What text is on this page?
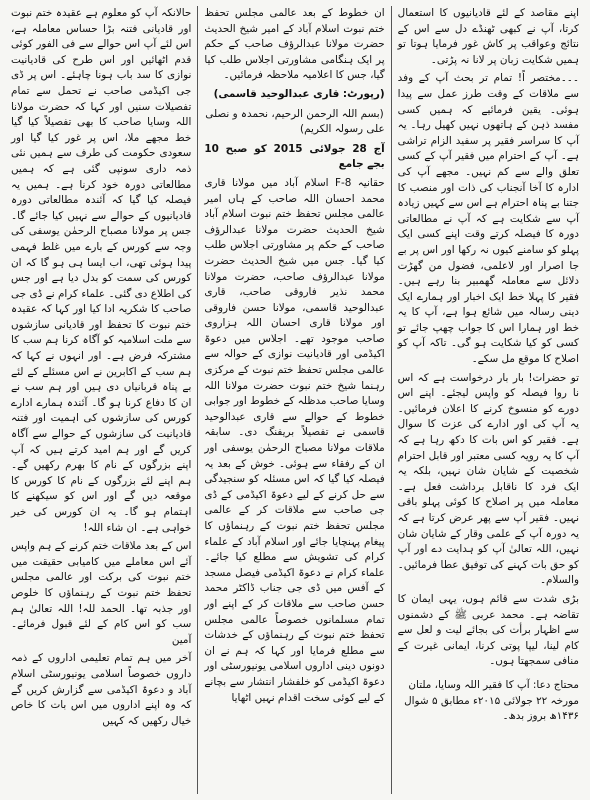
اپنے مقاصد کے لئے قادیانیوں کا استعمال کرتا، آپ نے کبھی ٹھنڈے دل سے اس کے نتائج وعواقب پر کاش غور فرمایا ہوتا تو ہمیں شکایت زبان پر لانا نہ پڑتی۔

۔۔۔مختصر اً! تمام تر بحث آپ کے وفد سے ملاقات کے وقت طرز عمل سے پیدا ہوئی۔ یقین فرمائیے کہ ہمیں کسی مفسد ذہن کے ہاتھوں نہیں کھیل رہا۔ یہ آپ کا سراسر فقیر پر سفید الزام تراشی ہے۔ آپ کے احترام میں فقیر آپ کے کسی تعلق والے سے کم نہیں۔ مجھے آپ کی ادارہ کا آخا آنجناب کی ذات اور منصب کا جتنا بے پناہ احترام ہے اس سے کہیں زیادہ آپ سے شکایت ہے کہ آپ نے مطالعاتی دورہ کا فیصلہ کرتے وقت اپنے کسی ایک پہلو کو سامنے کیوں نہ رکھا اور اس پر بے جا اصرار اور لاعلمی، فضول من گھڑت دلائل سے معاملہ گھمبیر بنا رہے ہیں۔ فقیر کا پہلا خط ایک اخبار اور ہمارے ایک دینی رسالہ میں شائع ہوا ہے، آپ کا یہ خط اور ہمارا اس کا جواب چھپ جائے تو کسی کو کیا شکایت ہو گی۔ تاکہ آپ کو اصلاح کا موقع مل سکے۔

تو حضرات! بار بار درخواست ہے کہ اس نا روا فیصلہ کو واپس لیجئے۔ اپنے اس دورے کو منسوخ کرنے کا اعلان فرمائیں۔ یہ آپ کی اور ادارے کی عزت کا سوال ہے۔ فقیر کو اس بات کا دکھ رہا ہے کہ آپ کا یہ رویہ کسی معتبر اور قابل احترام شخصیت کے شایان شان نہیں، بلکہ یہ ایک فرد کا ناقابل برداشت فعل ہے۔ معاملہ میں پر اصلاح کا کوئی پہلو باقی نہیں۔ فقیر آپ سے پھر عرض کرتا ہے کہ یہ دورہ آپ کے علمی وقار کے شایان شان نہیں، اللہ تعالیٰ آپ کو ہدایت دے اور آپ کو حق بات کہنے کی توفیق عطا فرمائیں۔ والسلام۔

بڑی شدت سے قائم ہوں، یہی ایمان کا تقاضہ ہے۔ محمد عربی ﷺ کے دشمنوں سے اظہار برأت کی بجائے لیت و لعل سے کام لینا، لیپا پوتی کرنا، ایمانی غیرت کے منافی سمجھتا ہوں۔

محتاج دعا: آپ کا فقیر اللہ وسایا، ملتان

مورخہ ۲۲ جولائی ۲۰۱۵ء مطابق ۵ شوال

۱۴۳۶ھ بروز بدھ۔

ان خطوط کے بعد عالمی مجلس تحفظ ختم نبوت اسلام آباد کے امیر شیخ الحدیث حضرت مولانا عبدالرؤف صاحب کے حکم پر ایک ہنگامی مشاورتی اجلاس طلب کیا گیا، جس کا اعلامیہ ملاحظہ فرمائیں۔

(رپورٹ: قاری عبدالوحید قاسمی)
(بسم اللہ الرحمن الرحیم، نحمدہ و نصلی علی رسولہ الکریم)

آج 28 جولائی 2015 کو صبح 10 بجے جامع

حقانیہ F-8 اسلام آباد میں مولانا قاری محمد احسان اللہ صاحب کے ہاں امیر عالمی مجلس تحفظ ختم نبوت اسلام آباد شیخ الحدیث حضرت مولانا عبدالرؤف صاحب کے حکم پر مشاورتی اجلاس طلب کیا گیا۔ جس میں شیخ الحدیث حضرت مولانا عبدالرؤف صاحب، حضرت مولانا محمد نذیر فاروقی صاحب، قاری عبدالوحید قاسمی، مولانا حسن فاروقی اور مولانا قاری احسان اللہ ہزاروی صاحب موجود تھے۔ اجلاس میں دعوۃ اکیڈمی اور قادیانیت نوازی کے حوالہ سے عالمی مجلس تحفظ ختم نبوت کے مرکزی رہنما شیخ ختم نبوت حضرت مولانا اللہ وسایا صاحب مدظلہ کے خطوط اور جوابی خطوط کے حوالے سے قاری عبدالوحید قاسمی نے تفصیلاً بریفنگ دی۔ سابقہ ملاقات مولانا مصباح الرحمٰن یوسفی اور ان کے رفقاء سے ہوئی۔ خوش کے بعد یہ فیصلہ کیا گیا کہ اس مسئلہ کو سنجیدگی سے حل کرنے کے لیے دعوۃ اکیڈمی کے ڈی جی صاحب سے ملاقات کر کے عالمی مجلس تحفظ ختم نبوت کے رہنماؤں کا پیغام پہنچایا جائے اور اسلام آباد کے علماء کرام کی تشویش سے مطلع کیا جائے۔ علماء کرام نے دعوۃ اکیڈمی فیصل مسجد کے آفس میں ڈی جی جناب ڈاکٹر محمد حسن صاحب سے ملاقات کر کے اپنے اور تمام مسلمانوں خصوصاً عالمی مجلس تحفظ ختم نبوت کے رہنماؤں کے خدشات سے مطلع فرمایا اور کہا کہ ہم نے ان دونوں دینی اداروں اسلامی یونیورسٹی اور دعوۃ اکیڈمی کو خلفشار انتشار سے بچانے کے لیے کوئی سخت اقدام نہیں اٹھایا

حالانکہ آپ کو معلوم ہے عقیدہ ختم نبوت اور قادیانی فتنہ بڑا حساس معاملہ ہے، اس لئے آپ اس حوالے سے فی الفور کوئی قدم اٹھائیں اور اس طرح کی قادیانیت نوازی کا سد باب ہونا چاہئے۔ اس پر ڈی جی اکیڈمی صاحب نے تحمل سے تمام تفصیلات سنیں اور کہا کہ حضرت مولانا اللہ وسایا صاحب کا بھی تفصیلاً کیا گیا خط مجھے ملا، اس پر غور کیا گیا اور سعودی حکومت کی طرف سے ہمیں نئی ذمہ داری سونپی گئی ہے کہ ہمیں مطالعاتی دورہ خود کرنا ہے۔ ہمیں یہ فیصلہ کیا گیا کہ آئندہ مطالعاتی دورہ قادیانیوں کے حوالے سے نہیں کیا جائے گا۔ جس پر مولانا مصباح الرحمٰن یوسفی کی وجہ سے کورس کے بارے میں غلط فہمی پیدا ہوئی تھی، اب ایسا ہی ہو گا کہ ان کورس کی سمت کو بدل دیا ہے اور جس کی اطلاع دی گئی۔ علماء کرام نے ڈی جی صاحب کا شکریہ ادا کیا اور کہا کہ عقیدہ ختم نبوت کا تحفظ اور قادیانی سازشوں سے ملت اسلامیہ کو آگاہ کرنا ہم سب کا مشترکہ فرض ہے۔ اور انہوں نے کہا کہ ہم سب کے اکابرین نے اس مسئلے کے لئے بے پناہ قربانیاں دی ہیں اور ہم سب نے ان کا دفاع کرنا ہو گا۔ آئندہ ہمارے ادارے کورس کی سازشوں کی اہمیت اور فتنہ قادیانیت کی سازشوں کے حوالے سے آگاہ کریں گے اور ہم امید کرتے ہیں کہ آپ اپنے بزرگوں کے نام کا بھرم رکھیں گے۔ ہم اپنے لئے بزرگوں کے نام کا کورس کا موقعہ دیں گے اور اس کو سیکھنے کا اہتمام ہو گا۔ یہ ان کورس کی خیر خواہی ہے۔ ان شاء اللہ!

اس کے بعد ملاقات ختم کرنے کے ہم واپس آئے اس معاملے میں کامیابی حقیقت میں ختم نبوت کی برکت اور عالمی مجلس تحفظ ختم نبوت کے رہنماؤں کا خلوص اور جذبہ تھا۔ الحمد للہ! اللہ تعالیٰ ہم سب کو اس کام کے لئے قبول فرمائے۔ آمین

آخر میں ہم تمام تعلیمی اداروں کے ذمہ داروں خصوصاً اسلامی یونیورسٹی اسلام آباد و دعوۃ اکیڈمی سے گزارش کریں گے کہ وہ اپنے اداروں میں اس بات کا خاص خیال رکھیں کہ کہیں
